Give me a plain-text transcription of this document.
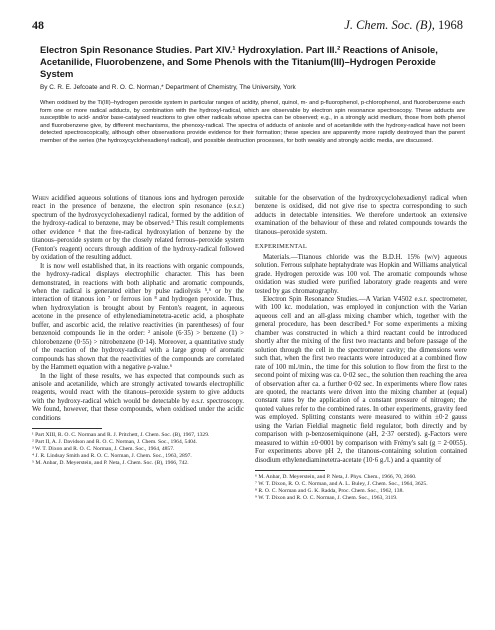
48	J. Chem. Soc. (B), 1968
Electron Spin Resonance Studies. Part XIV.¹ Hydroxylation. Part III.² Reactions of Anisole, Acetanilide, Fluorobenzene, and Some Phenols with the Titanium(III)–Hydrogen Peroxide System
By C. R. E. Jefcoate and R. O. C. Norman,* Department of Chemistry, The University, York
When oxidised by the Ti(III)–hydrogen peroxide system in particular ranges of acidity, phenol, quinol, m- and p-fluorophenol, p-chlorophenol, and fluorobenzene each form one or more radical adducts, by combination with the hydroxyl-radical, which are observable by electron spin resonance spectroscopy. These adducts are susceptible to acid- and/or base-catalysed reactions to give other radicals whose spectra can be observed; e.g., in a strongly acid medium, those from both phenol and fluorobenzene give, by different mechanisms, the phenoxy-radical. The spectra of adducts of anisole and of acetanilide with the hydroxy-radical have not been detected spectroscopically, although other observations provide evidence for their formation; these species are apparently more rapidly destroyed than the parent member of the series (the hydroxycyclohexadienyl radical), and possible destruction processes, for both weakly and strongly acidic media, are discussed.

When acidified aqueous solutions of titanous ions and hydrogen peroxide react in the presence of benzene, the electron spin resonance (e.s.r.) spectrum of the hydroxycyclohexadienyl radical, formed by the addition of the hydroxy-radical to benzene, may be observed.³ This result complements other evidence ⁴ that the free-radical hydroxylation of benzene by the titanous–peroxide system or by the closely related ferrous–peroxide system (Fenton's reagent) occurs through addition of the hydroxy-radical followed by oxidation of the resulting adduct.

It is now well established that, in its reactions with organic compounds, the hydroxy-radical displays electrophilic character. This has been demonstrated, in reactions with both aliphatic and aromatic compounds, when the radical is generated either by pulse radiolysis ⁵,⁶ or by the interaction of titanous ion ⁷ or ferrous ion ⁸ and hydrogen peroxide. Thus, when hydroxylation is brought about by Fenton's reagent, in aqueous acetone in the presence of ethylenediaminetetra-acetic acid, a phosphate buffer, and ascorbic acid, the relative reactivities (in parentheses) of four benzenoid compounds lie in the order: ² anisole (6·35) > benzene (1) > chlorobenzene (0·55) > nitrobenzene (0·14). Moreover, a quantitative study of the reaction of the hydroxy-radical with a large group of aromatic compounds has shown that the reactivities of the compounds are correlated by the Hammett equation with a negative ρ-value.⁶

In the light of these results, we has expected that compounds such as anisole and acetanilide, which are strongly activated towards electrophilic reagents, would react with the titanous–peroxide system to give adducts with the hydroxy-radical which would be detectable by e.s.r. spectroscopy. We found, however, that these compounds, when oxidised under the acidic conditions

¹ Part XIII, R. O. C. Norman and R. J. Pritchett, J. Chem. Soc. (B), 1967, 1329.

² Part II, A. J. Davidson and R. O. C. Norman, J. Chem. Soc., 1964, 5404.

³ W. T. Dixon and R. O. C. Norman, J. Chem. Soc., 1964, 4857.

⁴ J. R. Lindsay Smith and R. O. C. Norman, J. Chem. Soc., 1963, 2897.

⁵ M. Anbar, D. Meyerstein, and P. Neta, J. Chem. Soc. (B), 1966, 742.

suitable for the observation of the hydroxycyclohexadienyl radical when benzene is oxidised, did not give rise to spectra corresponding to such adducts in detectable intensities. We therefore undertook an extensive examination of the behaviour of these and related compounds towards the titanous–peroxide system.

EXPERIMENTAL

Materials.—Titanous chloride was the B.D.H. 15% (w/v) aqueous solution. Ferrous sulphate heptahydrate was Hopkin and Williams analytical grade. Hydrogen peroxide was 100 vol. The aromatic compounds whose oxidation was studied were purified laboratory grade reagents and were tested by gas chromatography.

Electron Spin Resonance Studies.—A Varian V4502 e.s.r. spectrometer, with 100 kc. modulation, was employed in conjunction with the Varian aqueous cell and an all-glass mixing chamber which, together with the general procedure, has been described.⁹ For some experiments a mixing chamber was constructed in which a third reactant could be introduced shortly after the mixing of the first two reactants and before passage of the solution through the cell in the spectrometer cavity; the dimensions were such that, when the first two reactants were introduced at a combined flow rate of 100 ml./min., the time for this solution to flow from the first to the second point of mixing was ca. 0·02 sec., the solution then reaching the area of observation after ca. a further 0·02 sec. In experiments where flow rates are quoted, the reactants were driven into the mixing chamber at (equal) constant rates by the application of a constant pressure of nitrogen; the quoted values refer to the combined rates. In other experiments, gravity feed was employed. Splitting constants were measured to within ±0·2 gauss using the Varian Fieldial magnetic field regulator, both directly and by comparison with p-benzosemiquinone (aH, 2·37 oersted). g-Factors were measured to within ±0·0001 by comparison with Frémy's salt (g = 2·0055). For experiments above pH 2, the titanous-containing solution contained disodium ethylenediaminetetra-acetate (10·6 g./l.) and a quantity of

⁶ M. Anbar, D. Meyerstein, and P. Neta, J. Phys. Chem., 1966, 70, 2660.

⁷ W. T. Dixon, R. O. C. Norman, and A. L. Buley, J. Chem. Soc., 1964, 3625.

⁸ R. O. C. Norman and G. K. Radda, Proc. Chem. Soc., 1962, 138.

⁹ W. T. Dixon and R. O. C. Norman, J. Chem. Soc., 1963, 3119.
